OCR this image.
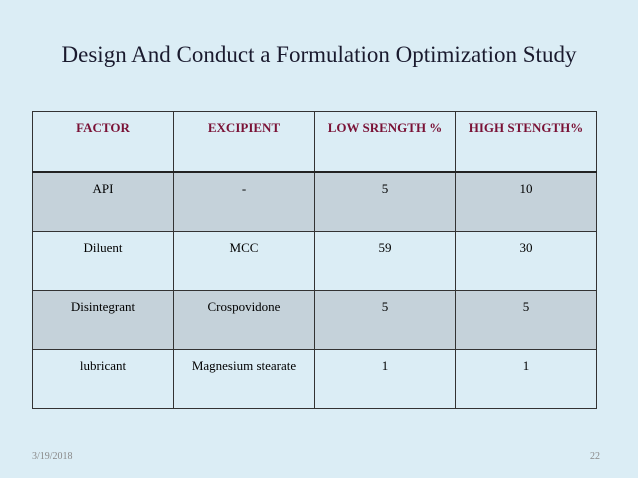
Design And Conduct a Formulation Optimization Study
FACTOR	EXCIPIENT	LOW SRENGTH %	HIGH STENGTH%
API	-	5	10
Diluent	MCC	59	30
Disintegrant	Crospovidone	5	5
lubricant	Magnesium stearate	1	1
3/19/2018	22
